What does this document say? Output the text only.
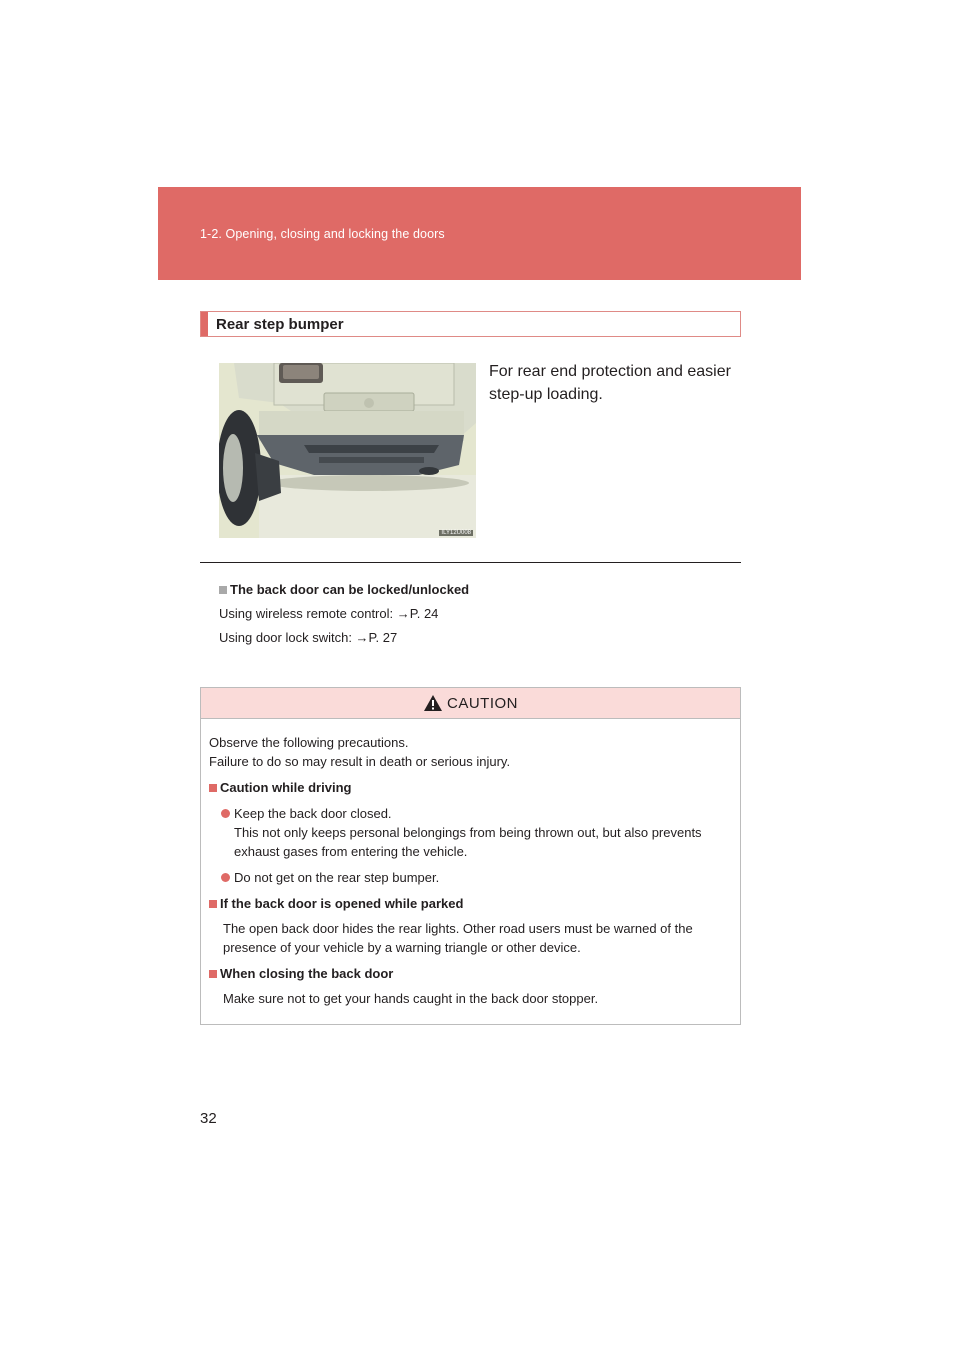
1-2. Opening, closing and locking the doors
Rear step bumper
ILY12U008
For rear end protection and easier
step-up loading.
The back door can be locked/unlocked
Using wireless remote control: →P. 24
Using door lock switch: →P. 27
CAUTION

Observe the following precautions.

Failure to do so may result in death or serious injury.

Caution while driving
Keep the back door closed.
This not only keeps personal belongings from being thrown out, but also prevents
exhaust gases from entering the vehicle.
Do not get on the rear step bumper.
If the back door is opened while parked
The open back door hides the rear lights. Other road users must be warned of the
presence of your vehicle by a warning triangle or other device.
When closing the back door
Make sure not to get your hands caught in the back door stopper.
32
